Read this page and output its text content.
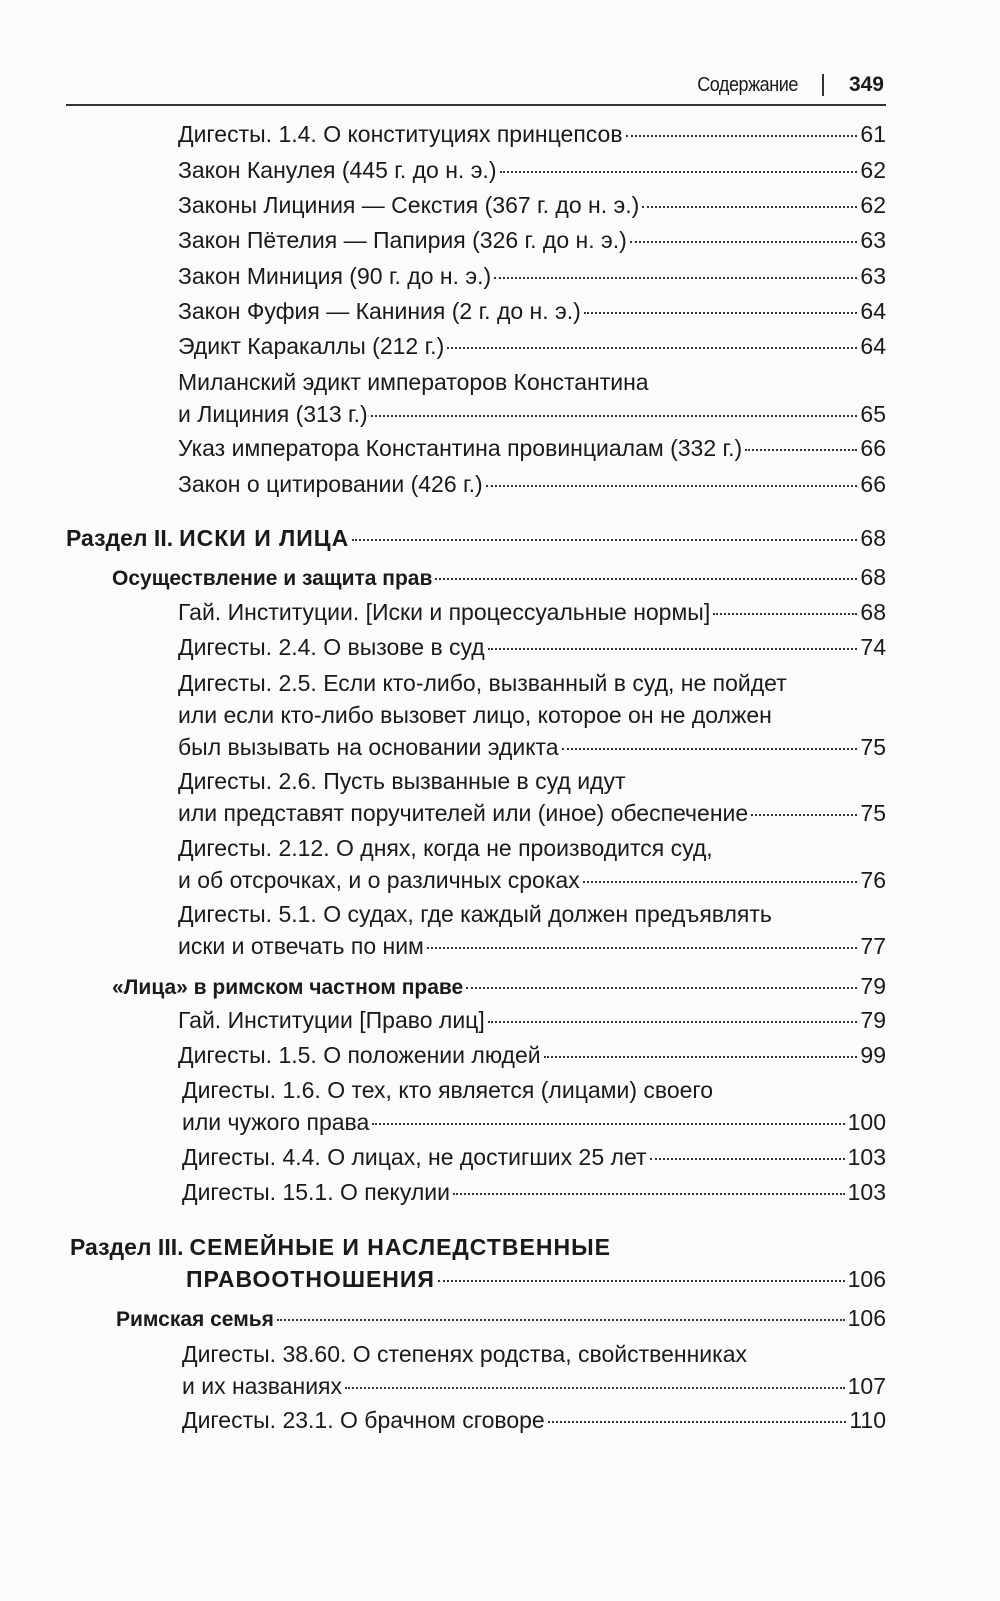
Содержание 349
Дигесты. 1.4. О конституциях принцепсов	61
Закон Канулея (445 г. до н. э.)	62
Законы Лициния — Секстия (367 г. до н. э.)	62
Закон Пётелия — Папирия (326 г. до н. э.)	63
Закон Миниция (90 г. до н. э.)	63
Закон Фуфия — Каниния (2 г. до н. э.)	64
Эдикт Каракаллы (212 г.)	64
Миланский эдикт императоров Константина
и Лициния (313 г.)	65
Указ императора Константина провинциалам (332 г.)	66
Закон о цитировании (426 г.)	66
Раздел II. ИСКИ И ЛИЦА	68
Осуществление и защита прав	68
Гай. Институции. [Иски и процессуальные нормы]	68
Дигесты. 2.4. О вызове в суд	74
Дигесты. 2.5. Если кто-либо, вызванный в суд, не пойдет
или если кто-либо вызовет лицо, которое он не должен
был вызывать на основании эдикта	75
Дигесты. 2.6. Пусть вызванные в суд идут
или представят поручителей или (иное) обеспечение	75
Дигесты. 2.12. О днях, когда не производится суд,
и об отсрочках, и о различных сроках	76
Дигесты. 5.1. О судах, где каждый должен предъявлять
иски и отвечать по ним	77
«Лица» в римском частном праве	79
Гай. Институции [Право лиц]	79
Дигесты. 1.5. О положении людей	99
Дигесты. 1.6. О тех, кто является (лицами) своего
или чужого права	100
Дигесты. 4.4. О лицах, не достигших 25 лет	103
Дигесты. 15.1. О пекулии	103
Раздел III. СЕМЕЙНЫЕ И НАСЛЕДСТВЕННЫЕ
ПРАВООТНОШЕНИЯ	106
Римская семья	106
Дигесты. 38.60. О степенях родства, свойственниках
и их названиях	107
Дигесты. 23.1. О брачном сговоре	110
